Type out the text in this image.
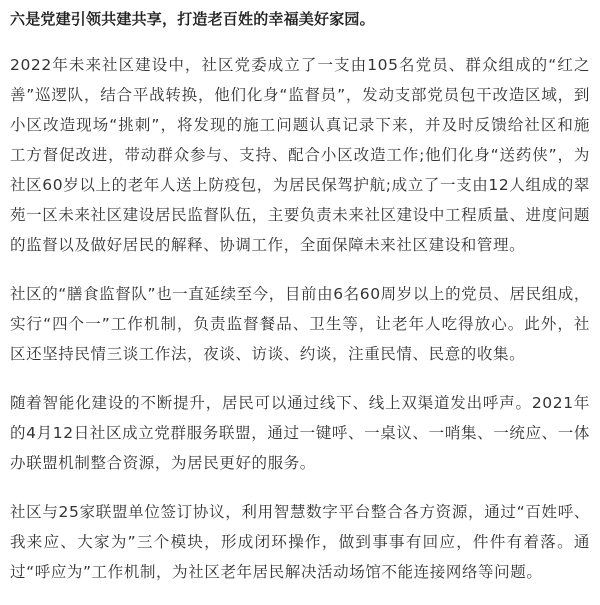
六是党建引领共建共享，打造老百姓的幸福美好家园。

2022年未来社区建设中，社区党委成立了一支由105名党员、群众组成的“红之善”巡逻队，结合平战转换，他们化身“监督员”，发动支部党员包干改造区域，到小区改造现场“挑刺”，将发现的施工问题认真记录下来，并及时反馈给社区和施工方督促改进，带动群众参与、支持、配合小区改造工作;他们化身“送药侠”，为社区60岁以上的老年人送上防疫包，为居民保驾护航;成立了一支由12人组成的翠苑一区未来社区建设居民监督队伍，主要负责未来社区建设中工程质量、进度问题的监督以及做好居民的解释、协调工作，全面保障未来社区建设和管理。

社区的“膳食监督队”也一直延续至今，目前由6名60周岁以上的党员、居民组成，实行“四个一”工作机制，负责监督餐品、卫生等，让老年人吃得放心。此外，社区还坚持民情三谈工作法，夜谈、访谈、约谈，注重民情、民意的收集。

随着智能化建设的不断提升，居民可以通过线下、线上双渠道发出呼声。2021年的4月12日社区成立党群服务联盟，通过一键呼、一桌议、一哨集、一统应、一体办联盟机制整合资源，为居民更好的服务。

社区与25家联盟单位签订协议，利用智慧数字平台整合各方资源，通过“百姓呼、我来应、大家为”三个模块，形成闭环操作，做到事事有回应，件件有着落。通过“呼应为”工作机制，为社区老年居民解决活动场馆不能连接网络等问题。
